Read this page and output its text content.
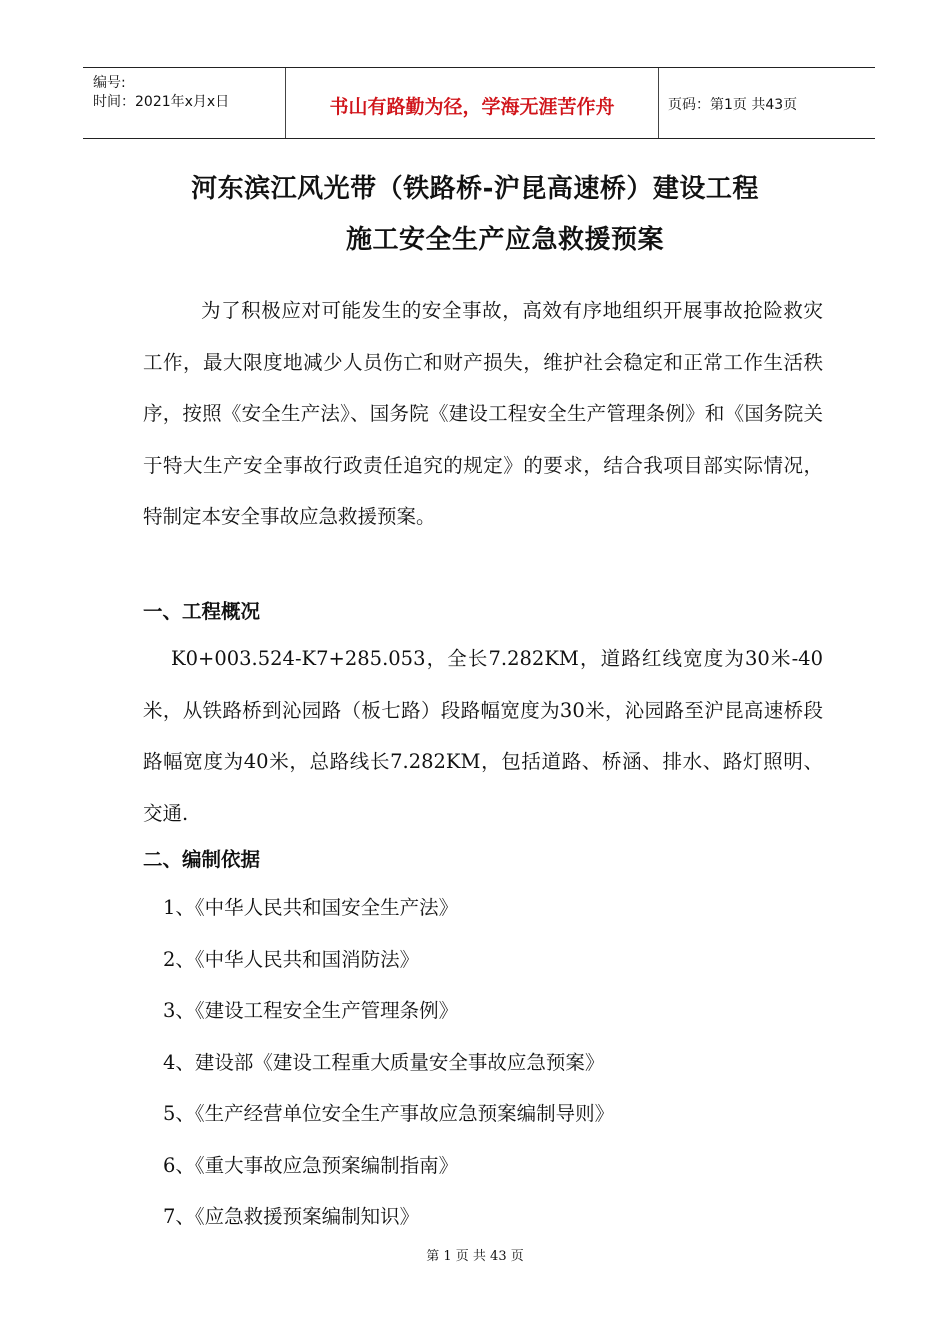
编号:
时间：2021年x月x日	书山有路勤为径，学海无涯苦作舟	页码：第1页 共43页
河东滨江风光带（铁路桥-沪昆高速桥）建设工程
施工安全生产应急救援预案

为了积极应对可能发生的安全事故，高效有序地组织开展事故抢险救灾工作，最大限度地减少人员伤亡和财产损失，维护社会稳定和正常工作生活秩序，按照《安全生产法》、国务院《建设工程安全生产管理条例》和《国务院关于特大生产安全事故行政责任追究的规定》的要求，结合我项目部实际情况，特制定本安全事故应急救援预案。

一、工程概况

K0+003.524-K7+285.053，全长7.282KM，道路红线宽度为30米-40米，从铁路桥到沁园路（板七路）段路幅宽度为30米，沁园路至沪昆高速桥段路幅宽度为40米，总路线长7.282KM，包括道路、桥涵、排水、路灯照明、交通.

二、编制依据
1、《中华人民共和国安全生产法》
2、《中华人民共和国消防法》
3、《建设工程安全生产管理条例》
4、建设部《建设工程重大质量安全事故应急预案》
5、《生产经营单位安全生产事故应急预案编制导则》
6、《重大事故应急预案编制指南》
7、《应急救援预案编制知识》
第 1 页 共 43 页
